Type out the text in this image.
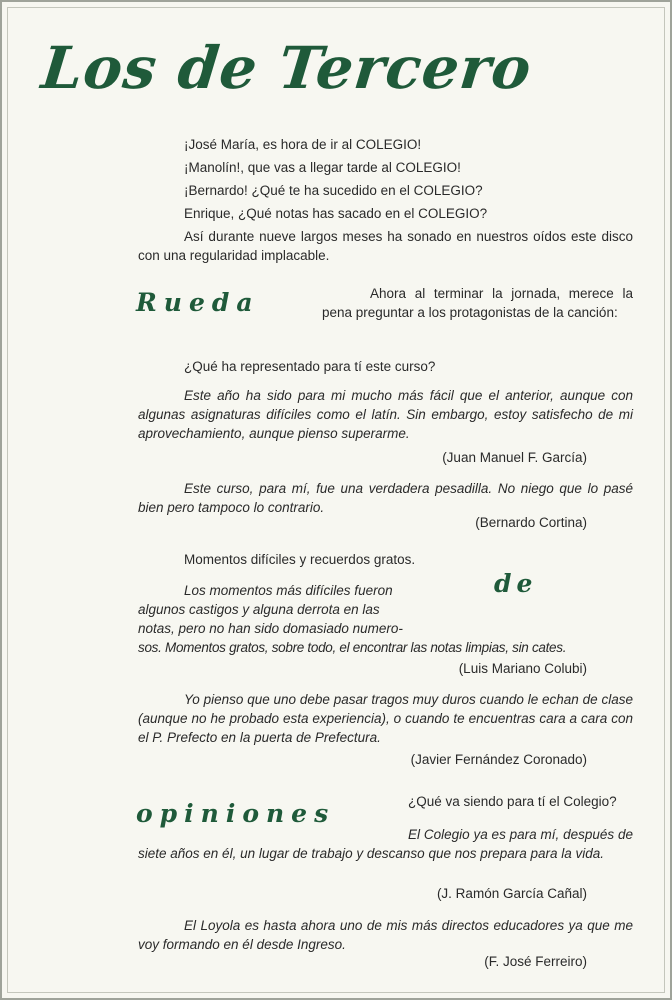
Los de Tercero
¡José María, es hora de ir al COLEGIO!
¡Manolín!, que vas a llegar tarde al COLEGIO!
¡Bernardo! ¿Qué te ha sucedido en el COLEGIO?
Enrique, ¿Qué notas has sacado en el COLEGIO?
Así durante nueve largos meses ha sonado en nuestros oídos este disco con una regularidad implacable.
Rueda	Ahora al terminar la jornada, merece la pena preguntar a los protagonistas de la canción:
¿Qué ha representado para tí este curso?
Este año ha sido para mi mucho más fácil que el anterior, aunque con algunas asignaturas difíciles como el latín. Sin embargo, estoy satisfecho de mi aprovechamiento, aunque pienso superarme.
(Juan Manuel F. García)
Este curso, para mí, fue una verdadera pesadilla. No niego que lo pasé bien pero tampoco lo contrario.
(Bernardo Cortina)
Momentos difíciles y recuerdos gratos.
de
Los momentos más difíciles fueron
algunos castigos y alguna derrota en las
notas, pero no han sido domasiado numero-
sos. Momentos gratos, sobre todo, el encontrar las notas limpias, sin cates.
(Luis Mariano Colubi)
Yo pienso que uno debe pasar tragos muy duros cuando le echan de clase (aunque no he probado esta experiencia), o cuando te encuentras cara a cara con el P. Prefecto en la puerta de Prefectura.
(Javier Fernández Coronado)
¿Qué va siendo para tí el Colegio?
opiniones
El Colegio ya es para mí, después de siete años en él, un lugar de trabajo y descanso que nos prepara para la vida.
(J. Ramón García Cañal)
El Loyola es hasta ahora uno de mis más directos educadores ya que me voy formando en él desde Ingreso.
(F. José Ferreiro)
